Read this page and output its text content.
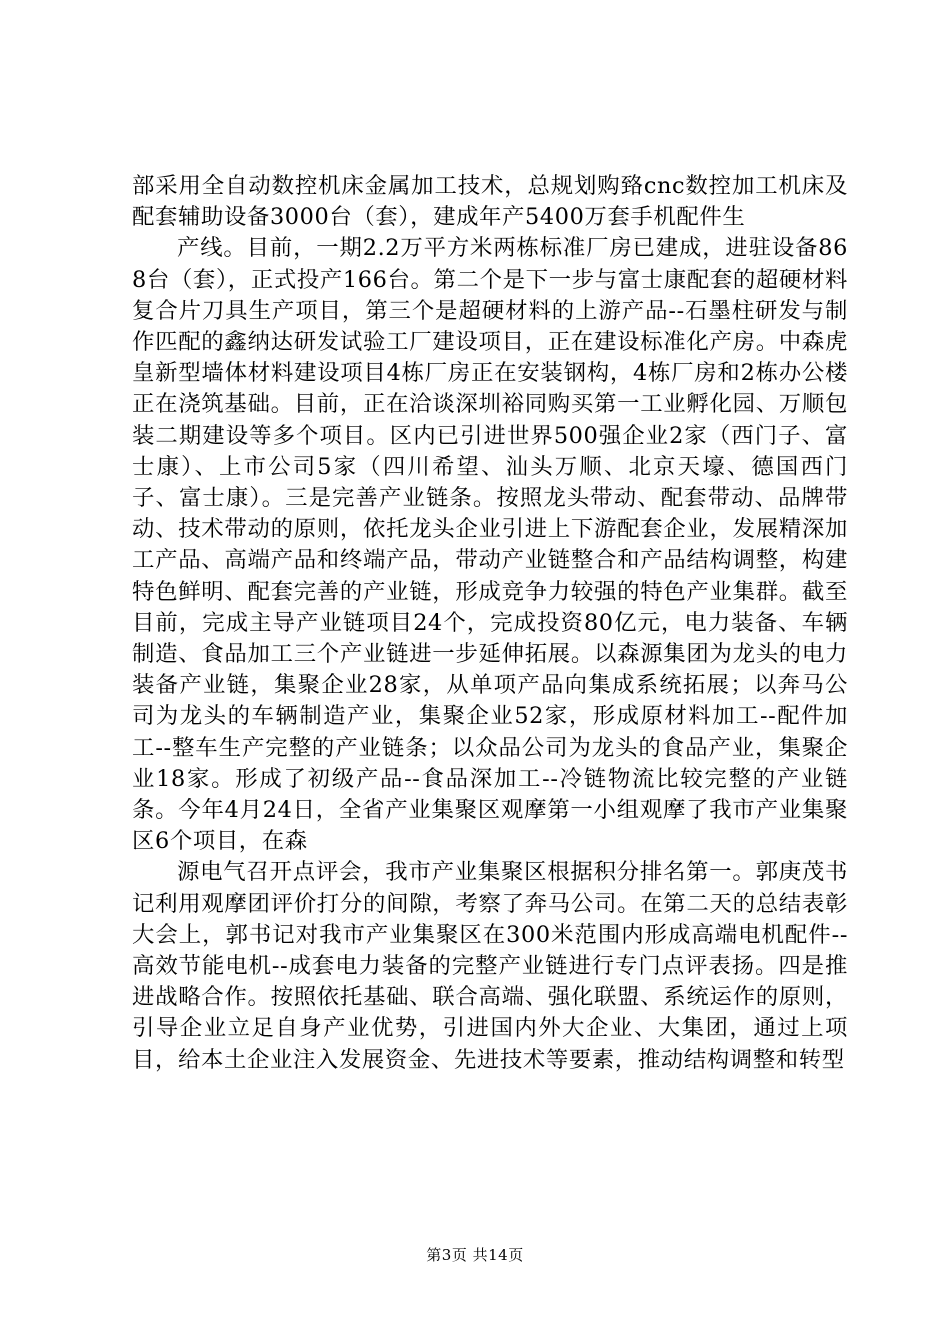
部采用全自动数控机床金属加工技术，总规划购臵cnc数控加工机床及配套辅助设备3000台（套），建成年产5400万套手机配件生

产线。目前，一期2.2万平方米两栋标准厂房已建成，进驻设备868台（套），正式投产166台。第二个是下一步与富士康配套的超硬材料复合片刀具生产项目，第三个是超硬材料的上游产品--石墨柱研发与制作匹配的鑫纳达研发试验工厂建设项目，正在建设标准化产房。中森虎皇新型墙体材料建设项目4栋厂房正在安装钢构，4栋厂房和2栋办公楼正在浇筑基础。目前，正在洽谈深圳裕同购买第一工业孵化园、万顺包装二期建设等多个项目。区内已引进世界500强企业2家（西门子、富士康）、上市公司5家（四川希望、汕头万顺、北京天壕、德国西门子、富士康）。三是完善产业链条。按照龙头带动、配套带动、品牌带动、技术带动的原则，依托龙头企业引进上下游配套企业，发展精深加工产品、高端产品和终端产品，带动产业链整合和产品结构调整，构建特色鲜明、配套完善的产业链，形成竞争力较强的特色产业集群。截至目前，完成主导产业链项目24个，完成投资80亿元，电力装备、车辆制造、食品加工三个产业链进一步延伸拓展。以森源集团为龙头的电力装备产业链，集聚企业28家，从单项产品向集成系统拓展；以奔马公司为龙头的车辆制造产业，集聚企业52家，形成原材料加工--配件加工--整车生产完整的产业链条；以众品公司为龙头的食品产业，集聚企业18家。形成了初级产品--食品深加工--冷链物流比较完整的产业链条。今年4月24日，全省产业集聚区观摩第一小组观摩了我市产业集聚区6个项目，在森

源电气召开点评会，我市产业集聚区根据积分排名第一。郭庚茂书记利用观摩团评价打分的间隙，考察了奔马公司。在第二天的总结表彰大会上，郭书记对我市产业集聚区在300米范围内形成高端电机配件--高效节能电机--成套电力装备的完整产业链进行专门点评表扬。四是推进战略合作。按照依托基础、联合高端、强化联盟、系统运作的原则，引导企业立足自身产业优势，引进国内外大企业、大集团，通过上项目，给本土企业注入发展资金、先进技术等要素，推动结构调整和转型

第3页 共14页
